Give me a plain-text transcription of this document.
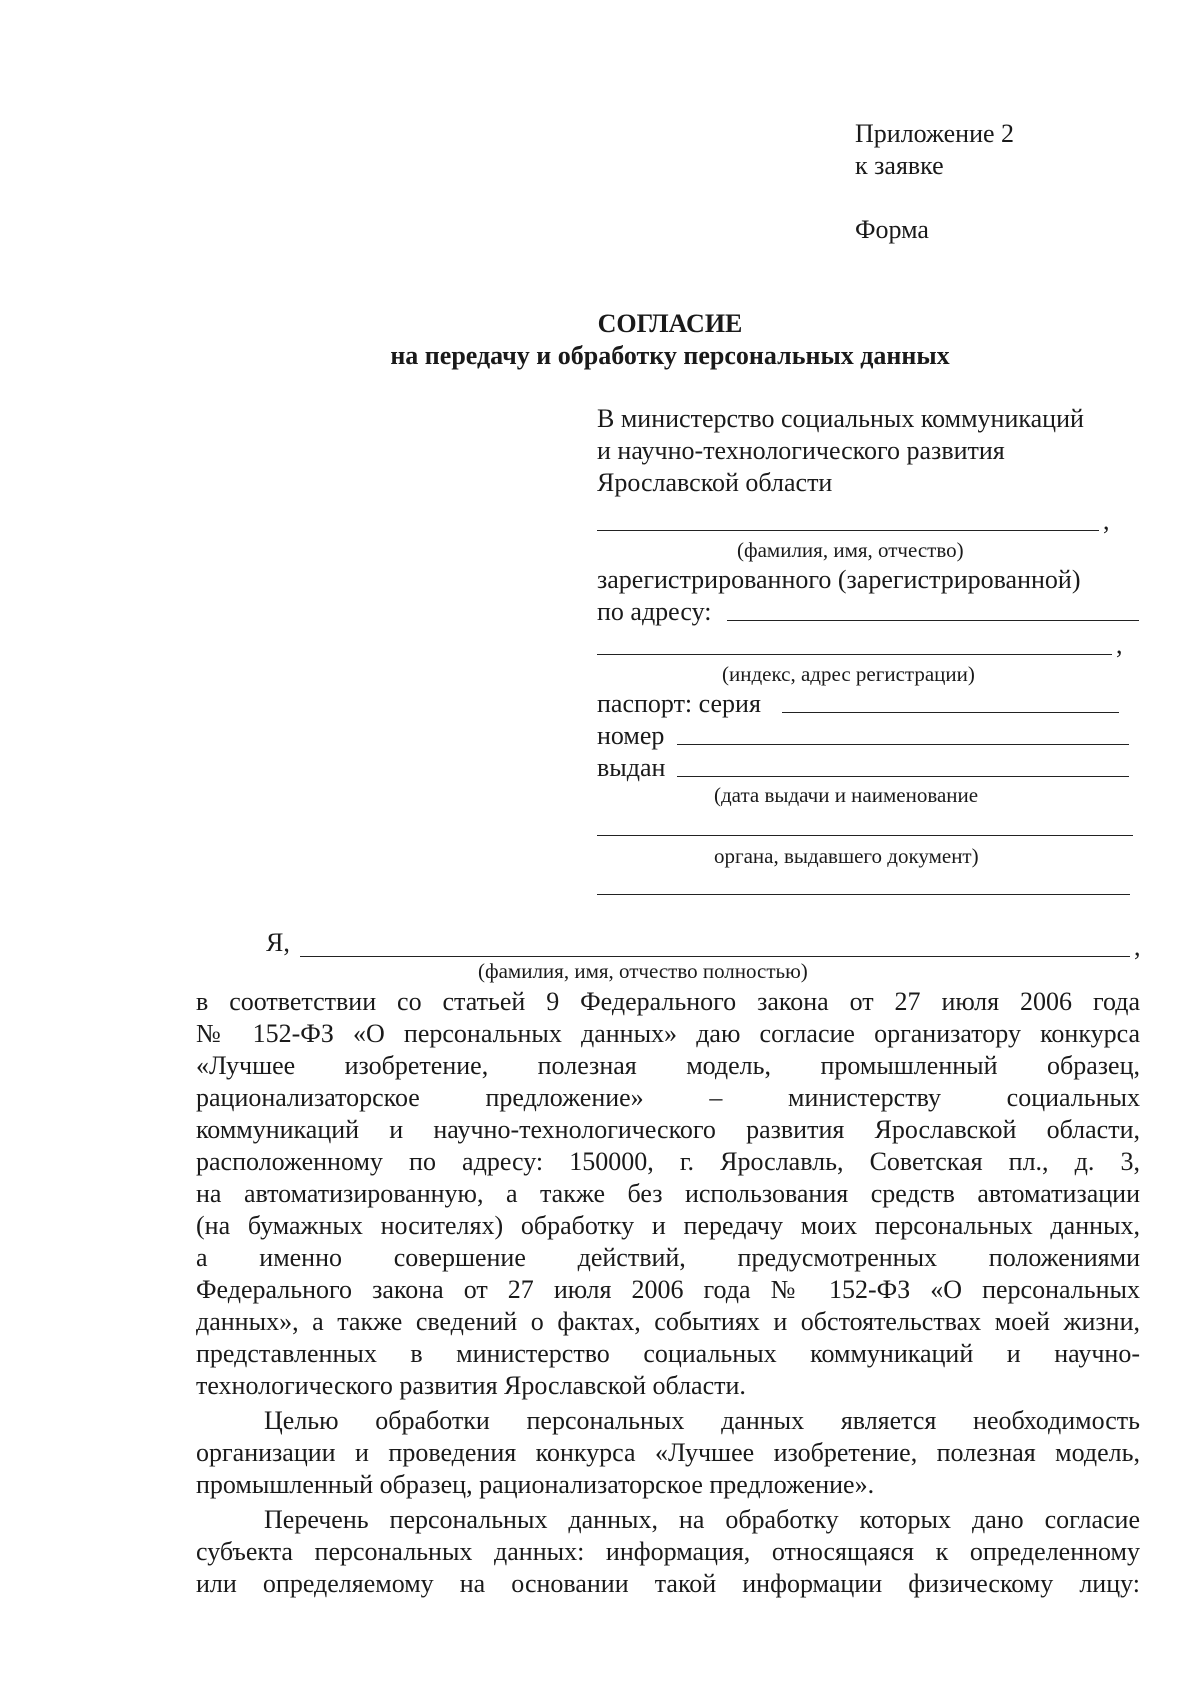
Приложение 2
к заявке
Форма
СОГЛАСИЕ
на передачу и обработку персональных данных
В министерство социальных коммуникаций
и научно-технологического развития
Ярославской области
,
(фамилия, имя, отчество)
зарегистрированного (зарегистрированной)
по адресу:
,
(индекс, адрес регистрации)
паспорт: серия
номер
выдан
(дата выдачи и наименование
органа, выдавшего документ)
Я,	,
(фамилия, имя, отчество полностью)
в соответствии со статьей 9 Федерального закона от 27 июля 2006 года
№ 152-ФЗ «О персональных данных» даю согласие организатору конкурса
«Лучшее изобретение, полезная модель, промышленный образец,
рационализаторское предложение» – министерству социальных
коммуникаций и научно-технологического развития Ярославской области,
расположенному по адресу: 150000, г. Ярославль, Советская пл., д. 3,
на автоматизированную, а также без использования средств автоматизации
(на бумажных носителях) обработку и передачу моих персональных данных,
а именно совершение действий, предусмотренных положениями
Федерального закона от 27 июля 2006 года № 152-ФЗ «О персональных
данных», а также сведений о фактах, событиях и обстоятельствах моей жизни,
представленных в министерство социальных коммуникаций и научно-
технологического развития Ярославской области.
Целью обработки персональных данных является необходимость
организации и проведения конкурса «Лучшее изобретение, полезная модель,
промышленный образец, рационализаторское предложение».
Перечень персональных данных, на обработку которых дано согласие
субъекта персональных данных: информация, относящаяся к определенному
или определяемому на основании такой информации физическому лицу:
